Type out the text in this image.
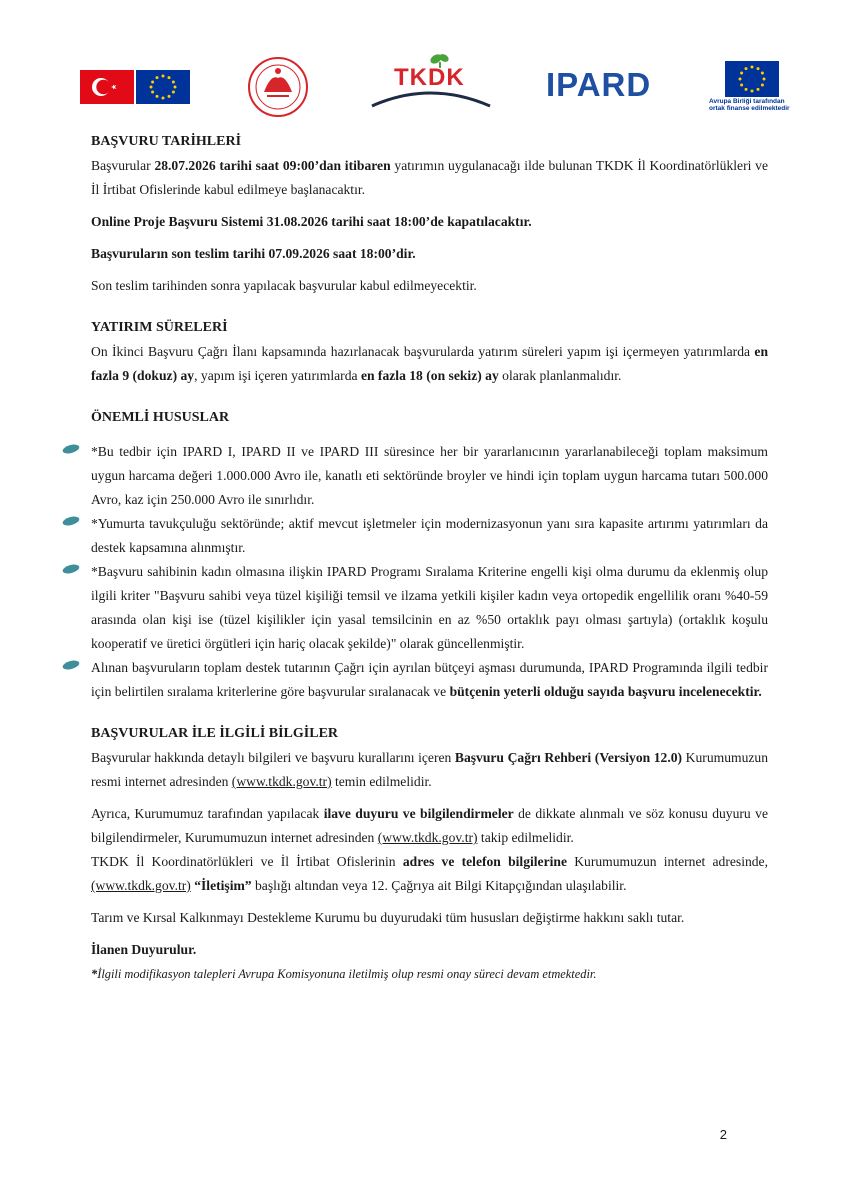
TKDK IPARD	Avrupa Birliği tarafından
ortak finanse edilmektedir
BAŞVURU TARİHLERİ

Başvurular 28.07.2026 tarihi saat 09:00’dan itibaren yatırımın uygulanacağı ilde bulunan TKDK İl Koordinatörlükleri ve İl İrtibat Ofislerinde kabul edilmeye başlanacaktır.

Online Proje Başvuru Sistemi 31.08.2026 tarihi saat 18:00’de kapatılacaktır.

Başvuruların son teslim tarihi 07.09.2026 saat 18:00’dir.

Son teslim tarihinden sonra yapılacak başvurular kabul edilmeyecektir.

YATIRIM SÜRELERİ

On İkinci Başvuru Çağrı İlanı kapsamında hazırlanacak başvurularda yatırım süreleri yapım işi içermeyen yatırımlarda en fazla 9 (dokuz) ay, yapım işi içeren yatırımlarda en fazla 18 (on sekiz) ay olarak planlanmalıdır.

ÖNEMLİ HUSUSLAR
*Bu tedbir için IPARD I, IPARD II ve IPARD III süresince her bir yararlanıcının yararlanabileceği toplam maksimum uygun harcama değeri 1.000.000 Avro ile, kanatlı eti sektöründe broyler ve hindi için toplam uygun harcama tutarı 500.000 Avro, kaz için 250.000 Avro ile sınırlıdır.
*Yumurta tavukçuluğu sektöründe; aktif mevcut işletmeler için modernizasyonun yanı sıra kapasite artırımı yatırımları da destek kapsamına alınmıştır.
*Başvuru sahibinin kadın olmasına ilişkin IPARD Programı Sıralama Kriterine engelli kişi olma durumu da eklenmiş olup ilgili kriter "Başvuru sahibi veya tüzel kişiliği temsil ve ilzama yetkili kişiler kadın veya ortopedik engellilik oranı %40-59 arasında olan kişi ise (tüzel kişilikler için yasal temsilcinin en az %50 ortaklık payı olması şartıyla) (ortaklık koşulu kooperatif ve üretici örgütleri için hariç olacak şekilde)" olarak güncellenmiştir.
Alınan başvuruların toplam destek tutarının Çağrı için ayrılan bütçeyi aşması durumunda, IPARD Programında ilgili tedbir için belirtilen sıralama kriterlerine göre başvurular sıralanacak ve bütçenin yeterli olduğu sayıda başvuru incelenecektir.
BAŞVURULAR İLE İLGİLİ BİLGİLER

Başvurular hakkında detaylı bilgileri ve başvuru kurallarını içeren Başvuru Çağrı Rehberi (Versiyon 12.0) Kurumumuzun resmi internet adresinden (www.tkdk.gov.tr) temin edilmelidir.

Ayrıca, Kurumumuz tarafından yapılacak ilave duyuru ve bilgilendirmeler de dikkate alınmalı ve söz konusu duyuru ve bilgilendirmeler, Kurumumuzun internet adresinden (www.tkdk.gov.tr) takip edilmelidir.

TKDK İl Koordinatörlükleri ve İl İrtibat Ofislerinin adres ve telefon bilgilerine Kurumumuzun internet adresinde, (www.tkdk.gov.tr) “İletişim” başlığı altından veya 12. Çağrıya ait Bilgi Kitapçığından ulaşılabilir.

Tarım ve Kırsal Kalkınmayı Destekleme Kurumu bu duyurudaki tüm hususları değiştirme hakkını saklı tutar.

İlanen Duyurulur.

*İlgili modifikasyon talepleri Avrupa Komisyonuna iletilmiş olup resmi onay süreci devam etmektedir.

2
